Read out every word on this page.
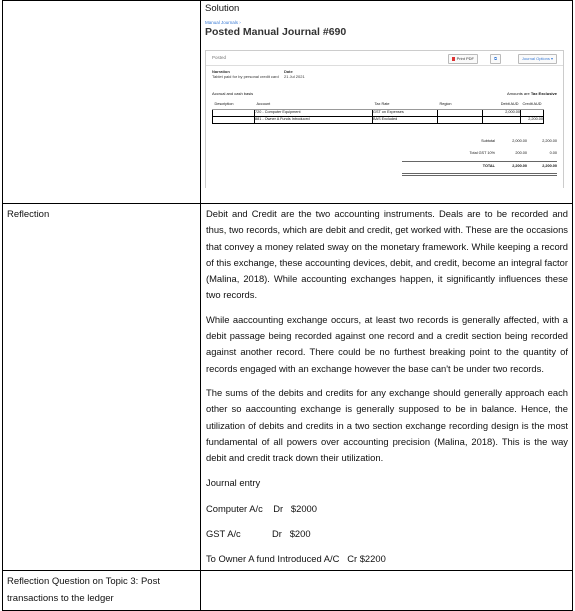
Solution
Manual Journals ›
Posted Manual Journal #690
Posted	Print PDF	⧉	Journal Options ▾
Narration
Tablet paid for by personal credit card
Date
21 Jul 2021
Accrual and cash basis	Amounts are Tax Exclusive
Description	Account	Tax Rate	Region	Debit AUD	Credit AUD
	720 - Computer Equipment	GST on Expenses		2,000.00	
	881 - Owner A Funds Introduced	BAS Excluded			2,200.00
Subtotal	2,000.00	2,200.00
Total GST 10%	200.00	0.00
TOTAL	2,200.00	2,200.00

Reflection	Debit and Credit are the two accounting instruments. Deals are to be recorded and thus, two records, which are debit and credit, get worked with. These are the occasions that convey a money related sway on the monetary framework. While keeping a record of this exchange, these accounting devices, debit, and credit, become an integral factor (Malina, 2018). While accounting exchanges happen, it significantly influences these two records.

While aaccounting exchange occurs, at least two records is generally affected, with a debit passage being recorded against one record and a credit section being recorded against another record. There could be no furthest breaking point to the quantity of records engaged with an exchange however the base can't be under two records.

The sums of the debits and credits for any exchange should generally approach each other so aaccounting exchange is generally supposed to be in balance. Hence, the utilization of debits and credits in a two section exchange recording design is the most fundamental of all powers over accounting precision (Malina, 2018). This is the way debit and credit track down their utilization.

Journal entry

Computer A/c    Dr   $2000

GST A/c            Dr   $200

To Owner A fund Introduced A/C   Cr $2200

Reflection Question on Topic 3: Post transactions to the ledger
